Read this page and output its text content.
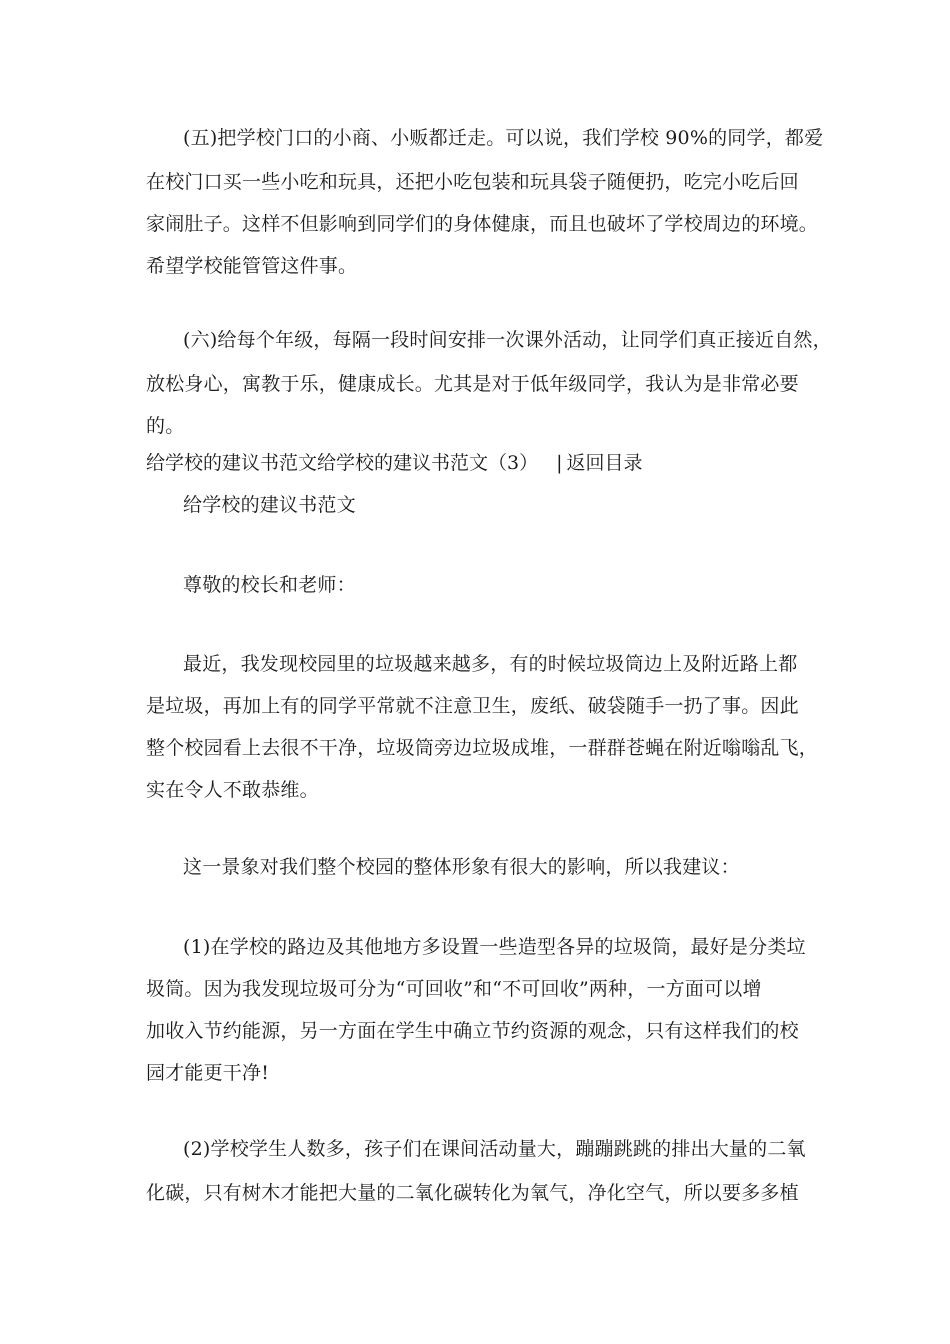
(五)把学校门口的小商、小贩都迁走。可以说，我们学校 90%的同学，都爱
在校门口买一些小吃和玩具，还把小吃包装和玩具袋子随便扔，吃完小吃后回
家闹肚子。这样不但影响到同学们的身体健康，而且也破坏了学校周边的环境。
希望学校能管管这件事。
(六)给每个年级，每隔一段时间安排一次课外活动，让同学们真正接近自然，
放松身心，寓教于乐，健康成长。尤其是对于低年级同学，我认为是非常必要
的。
给学校的建议书范文给学校的建议书范文（3） | 返回目录
给学校的建议书范文
尊敬的校长和老师：
最近，我发现校园里的垃圾越来越多，有的时候垃圾筒边上及附近路上都
是垃圾，再加上有的同学平常就不注意卫生，废纸、破袋随手一扔了事。因此
整个校园看上去很不干净，垃圾筒旁边垃圾成堆，一群群苍蝇在附近嗡嗡乱飞，
实在令人不敢恭维。
这一景象对我们整个校园的整体形象有很大的影响，所以我建议：
(1)在学校的路边及其他地方多设置一些造型各异的垃圾筒，最好是分类垃
圾筒。因为我发现垃圾可分为“可回收”和“不可回收”两种，一方面可以增
加收入节约能源，另一方面在学生中确立节约资源的观念，只有这样我们的校
园才能更干净!
(2)学校学生人数多，孩子们在课间活动量大，蹦蹦跳跳的排出大量的二氧
化碳，只有树木才能把大量的二氧化碳转化为氧气，净化空气，所以要多多植
